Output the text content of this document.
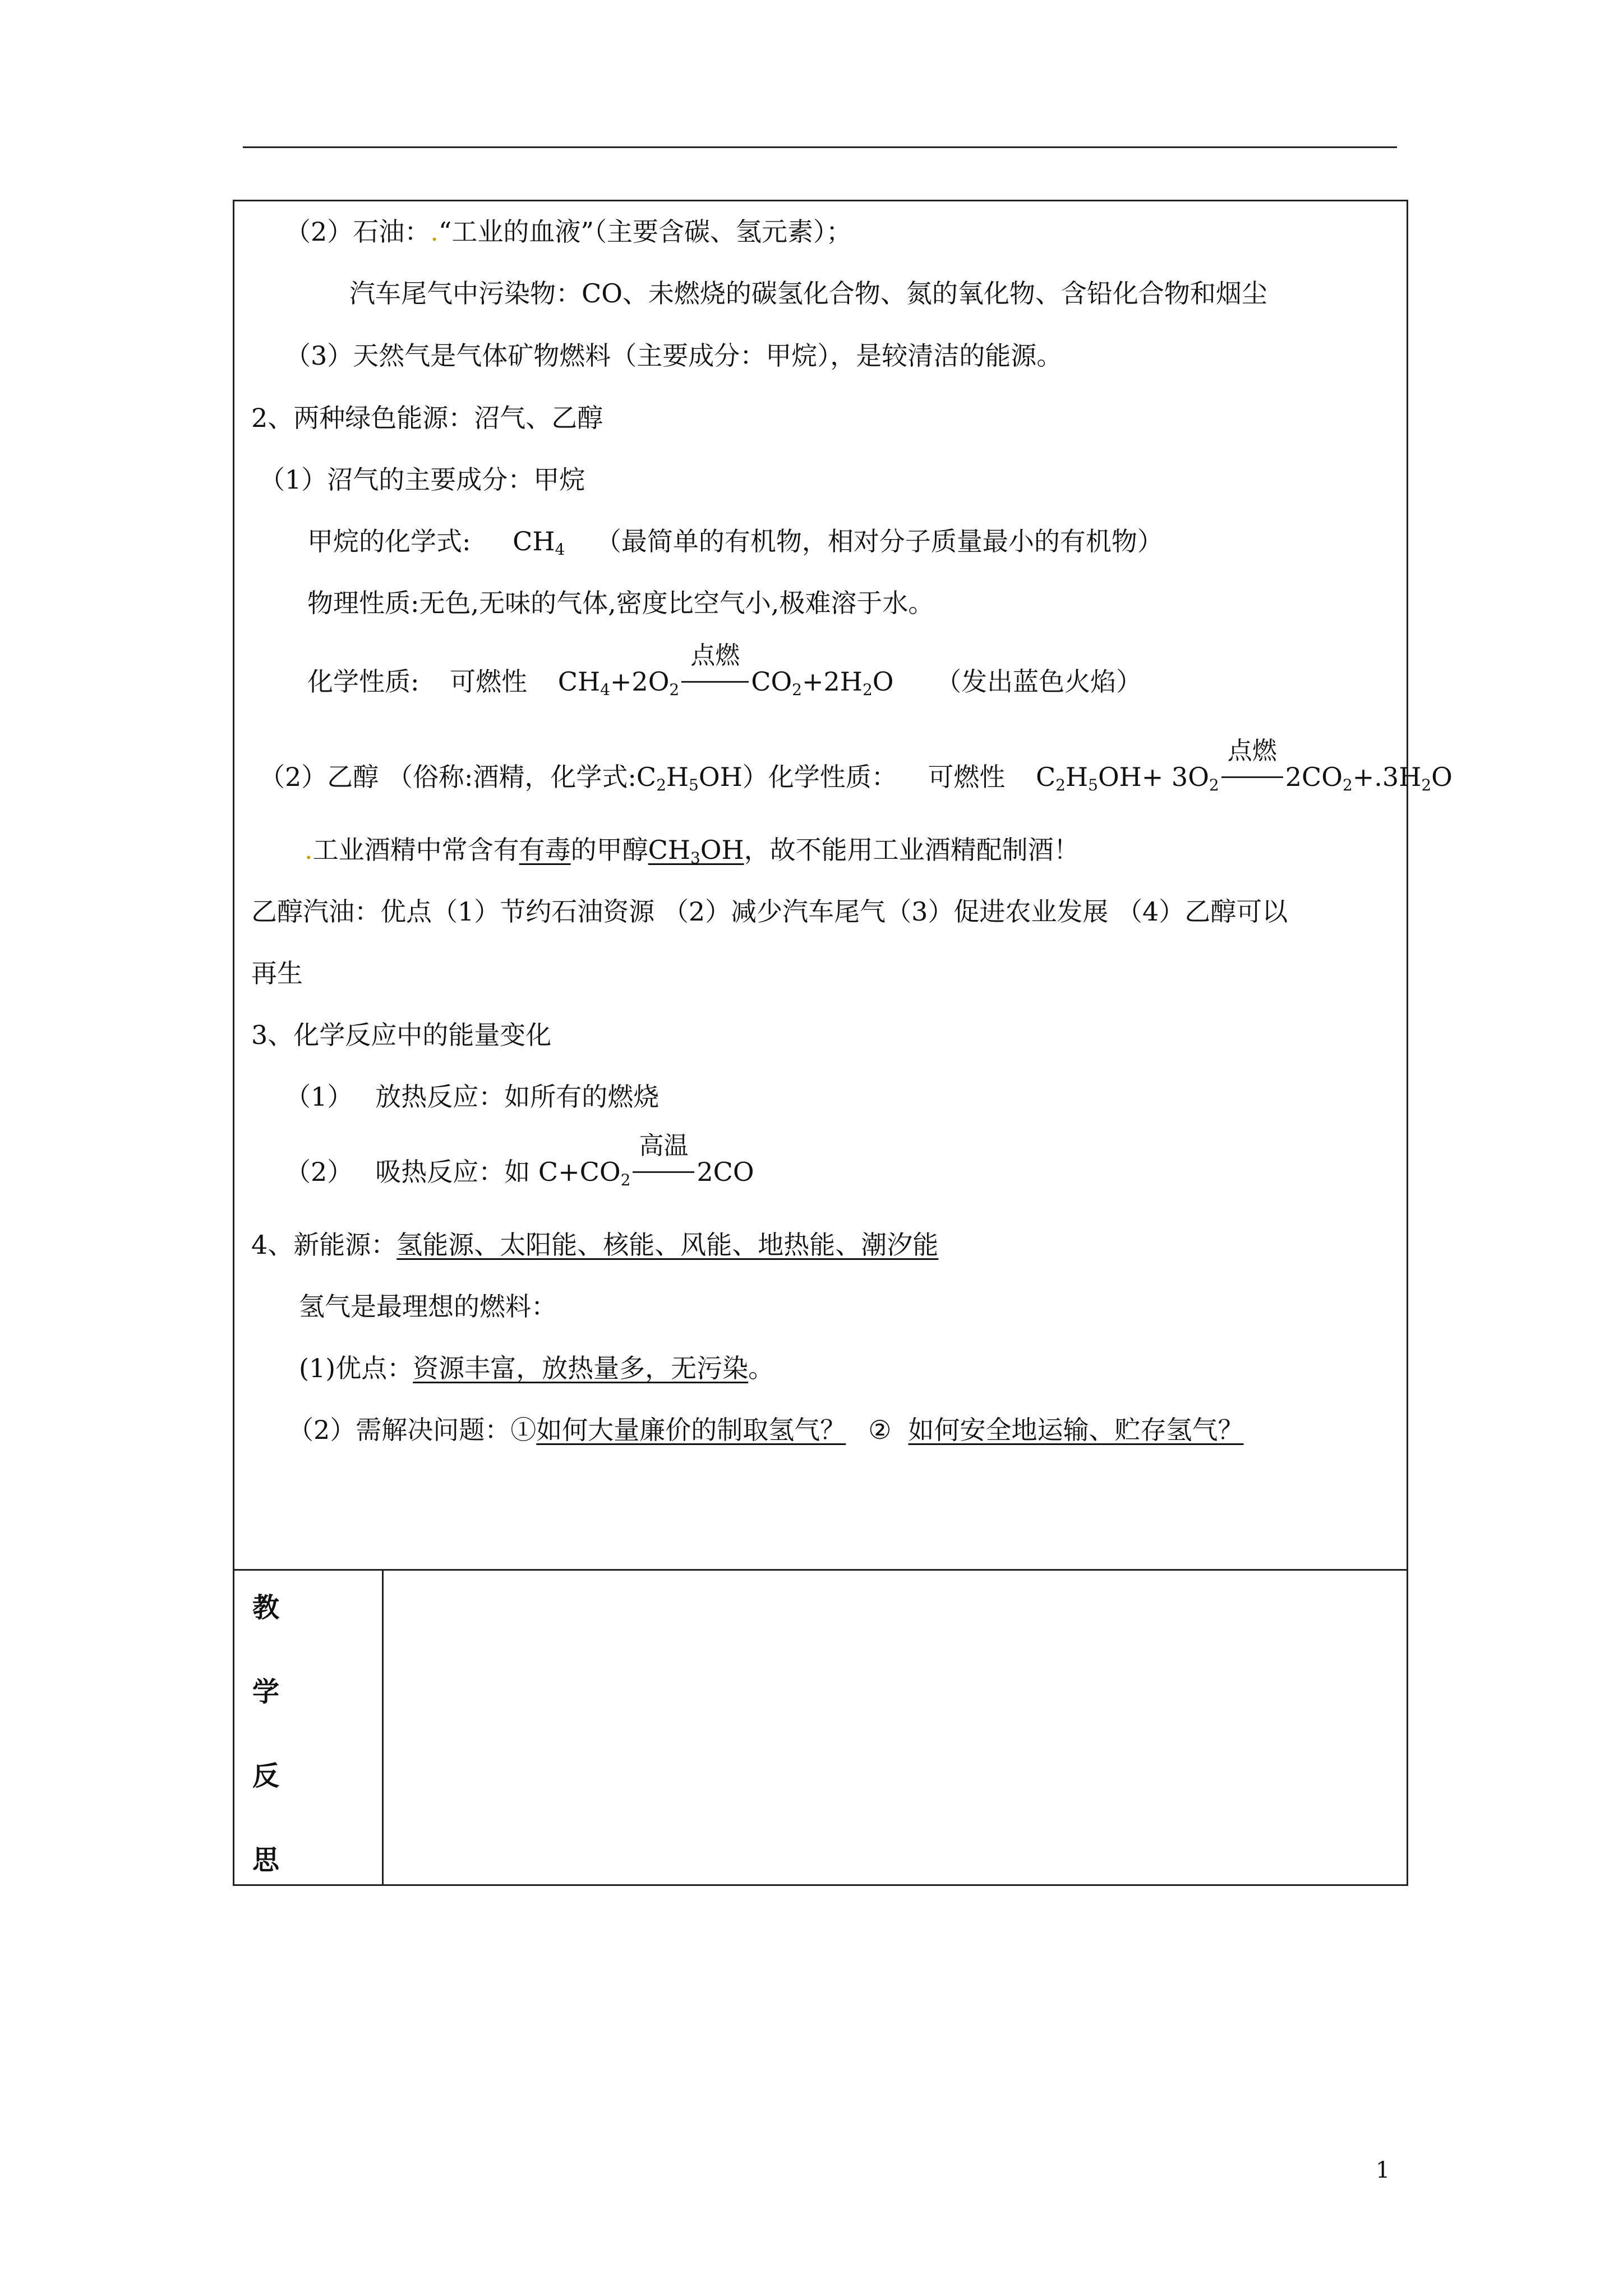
（2）石油：.“工业的血液”（主要含碳、氢元素）；
汽车尾气中污染物：CO、未燃烧的碳氢化合物、氮的氧化物、含铅化合物和烟尘
（3）天然气是气体矿物燃料（主要成分：甲烷），是较清洁的能源。
2、两种绿色能源：沼气、乙醇
（1）沼气的主要成分：甲烷
甲烷的化学式: $CH_4$ （最简单的有机物，相对分子质量最小的有机物）
物理性质:无色,无味的气体,密度比空气小,极难溶于水。
化学性质: 可燃性 $CH_4+2O_2$
点燃
$CO_2+2H_2O$ （发出蓝色火焰）
（2）乙醇 （俗称:酒精，化学式$:C_2H_5OH$）化学性质： 可燃性 $C_2H_5OH+ 3O_2$
点燃
$2CO_2+.3H_2O$
.工业酒精中常含有有毒的甲醇$CH_3OH$，故不能用工业酒精配制酒！
乙醇汽油：优点（1）节约石油资源 （2）减少汽车尾气（3）促进农业发展 （4）乙醇可以
再生
3、化学反应中的能量变化
（1） 放热反应：如所有的燃烧
（2） 吸热反应：如 $C+CO_2$
高温
2CO
4、新能源：氢能源、太阳能、核能、风能、地热能、潮汐能
氢气是最理想的燃料：
(1)优点：资源丰富，放热量多，无污染。
（2）需解决问题：①如何大量廉价的制取氢气？ ② 如何安全地运输、贮存氢气？
教
学
反
思
1
